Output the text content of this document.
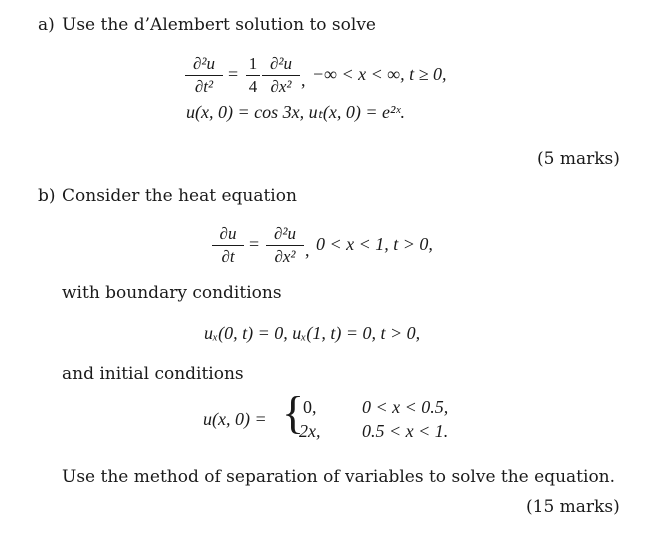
a) Use the d’Alembert solution to solve
∂²u
∂t²
=
1
4
∂²u
∂x² , −∞ < x < ∞, t ≥ 0,
u(x, 0) = cos 3x, uₜ(x, 0) = e²ˣ.
(5 marks)
b) Consider the heat equation
∂u
∂t
=
∂²u
∂x² , 0 < x < 1, t > 0,
with boundary conditions
uₓ(0, t) = 0, uₓ(1, t) = 0, t > 0,
and initial conditions
u(x, 0) = {
0,	0 < x < 0.5,
2x, 0.5 < x < 1.
Use the method of separation of variables to solve the equation.
(15 marks)
